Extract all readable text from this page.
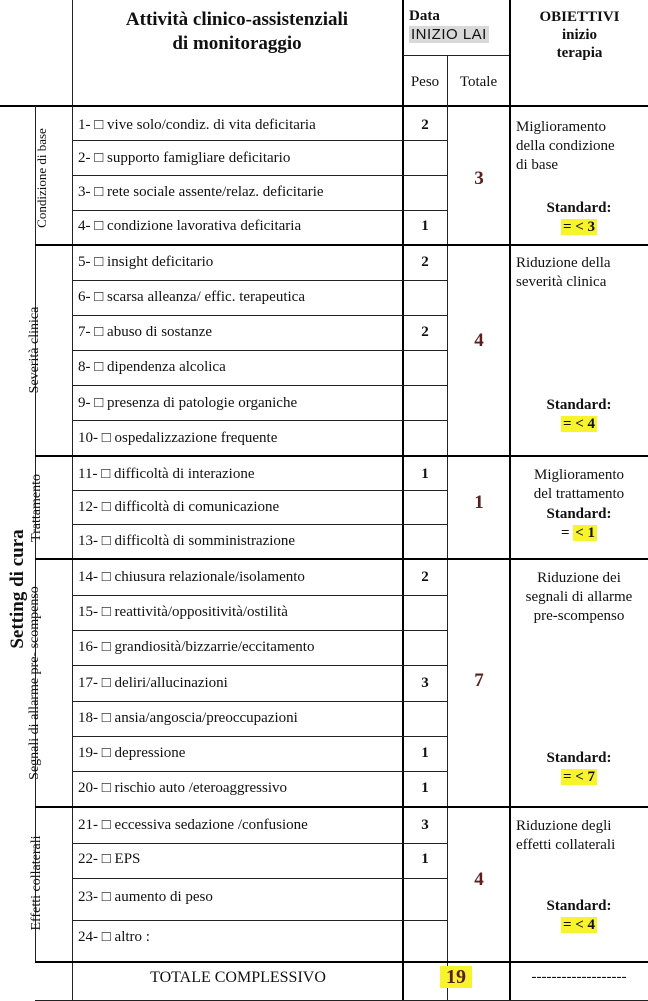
Attività clinico-assistenziali
di monitoraggio
Data
INIZIO LAI
Peso	Totale
OBIETTIVI
inizio
terapia
Setting di cura
Condizione di base
1- □ vive solo/condiz. di vita deficitaria	2
2- □ supporto famigliare deficitario
3- □ rete sociale assente/relaz. deficitarie
4- □ condizione lavorativa deficitaria	1
3
Miglioramento
della condizione
di base
Standard:
= < 3
Severità clinica
5- □ insight deficitario	2
6- □ scarsa alleanza/ effic. terapeutica
7- □ abuso di sostanze	2
8- □ dipendenza alcolica
9- □ presenza di patologie organiche
10- □ ospedalizzazione frequente
4
Riduzione della
severità clinica
Standard:
= < 4
Trattamento
11- □ difficoltà di interazione	1
12- □ difficoltà di comunicazione
13- □ difficoltà di somministrazione
1
Miglioramento
del trattamento
Standard:
= < 1
Segnali di allarme pre- scompenso
14- □ chiusura relazionale/isolamento	2
15- □ reattività/oppositività/ostilità
16- □ grandiosità/bizzarrie/eccitamento
17- □ deliri/allucinazioni	3
18- □ ansia/angoscia/preoccupazioni
19- □ depressione	1
20- □ rischio auto /eteroaggressivo	1
7
Riduzione dei
segnali di allarme
pre-scompenso
Standard:
= < 7
Effetti collaterali
21- □ eccessiva sedazione /confusione	3
22- □ EPS	1
23- □ aumento di peso
24- □ altro :
4
Riduzione degli
effetti collaterali
Standard:
= < 4
TOTALE COMPLESSIVO	19	-------------------
